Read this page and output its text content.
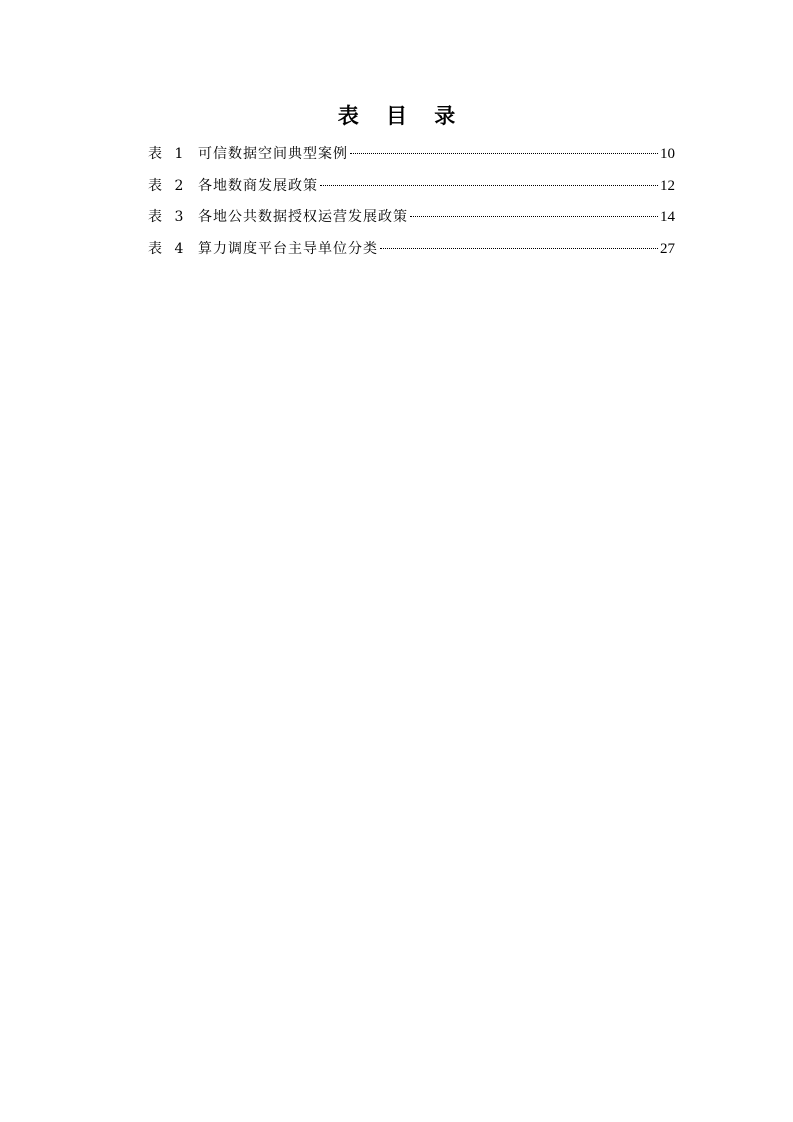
表 目 录
表 1 可信数据空间典型案例	10
表 2 各地数商发展政策	12
表 3 各地公共数据授权运营发展政策	14
表 4 算力调度平台主导单位分类	27
